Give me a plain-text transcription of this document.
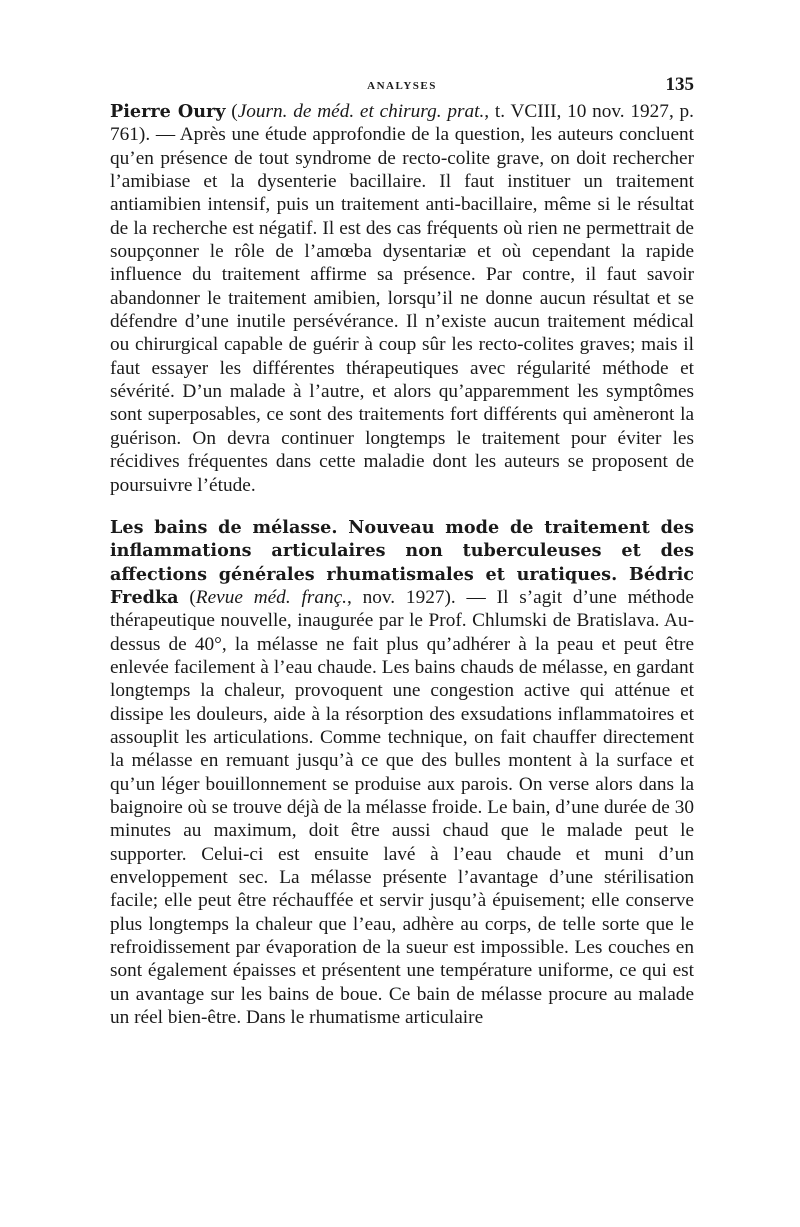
ANALYSES	135

Pierre Oury (Journ. de méd. et chirurg. prat., t. VCIII, 10 nov. 1927, p. 761). — Après une étude approfondie de la question, les auteurs concluent qu’en présence de tout syndrome de recto-colite grave, on doit rechercher l’amibiase et la dysenterie bacillaire. Il faut instituer un traitement antiamibien intensif, puis un traitement anti-bacillaire, même si le résultat de la recherche est négatif. Il est des cas fréquents où rien ne permettrait de soupçonner le rôle de l’amœba dysentariæ et où cependant la rapide influence du traitement affirme sa présence. Par contre, il faut savoir abandonner le traitement amibien, lorsqu’il ne donne aucun résultat et se défendre d’une inutile persévérance. Il n’existe aucun traitement médical ou chirurgical capable de guérir à coup sûr les recto-colites graves; mais il faut essayer les différentes thérapeutiques avec régularité méthode et sévérité. D’un malade à l’autre, et alors qu’apparemment les symptômes sont superposables, ce sont des traitements fort différents qui amèneront la guérison. On devra continuer longtemps le traitement pour éviter les récidives fréquentes dans cette maladie dont les auteurs se proposent de poursuivre l’étude.

Les bains de mélasse. Nouveau mode de traitement des inflammations articulaires non tuberculeuses et des affections générales rhumatismales et uratiques. Bédric Fredka (Revue méd. franç., nov. 1927). — Il s’agit d’une méthode thérapeutique nouvelle, inaugurée par le Prof. Chlumski de Bratislava. Au-dessus de 40°, la mélasse ne fait plus qu’adhérer à la peau et peut être enlevée facilement à l’eau chaude. Les bains chauds de mélasse, en gardant longtemps la chaleur, provoquent une congestion active qui atténue et dissipe les douleurs, aide à la résorption des exsudations inflammatoires et assouplit les articulations. Comme technique, on fait chauffer directement la mélasse en remuant jusqu’à ce que des bulles montent à la surface et qu’un léger bouillonnement se produise aux parois. On verse alors dans la baignoire où se trouve déjà de la mélasse froide. Le bain, d’une durée de 30 minutes au maximum, doit être aussi chaud que le malade peut le supporter. Celui-ci est ensuite lavé à l’eau chaude et muni d’un enveloppement sec. La mélasse présente l’avantage d’une stérilisation facile; elle peut être réchauffée et servir jusqu’à épuisement; elle conserve plus longtemps la chaleur que l’eau, adhère au corps, de telle sorte que le refroidissement par évaporation de la sueur est impossible. Les couches en sont également épaisses et présentent une température uniforme, ce qui est un avantage sur les bains de boue. Ce bain de mélasse procure au malade un réel bien-être. Dans le rhumatisme articulaire
